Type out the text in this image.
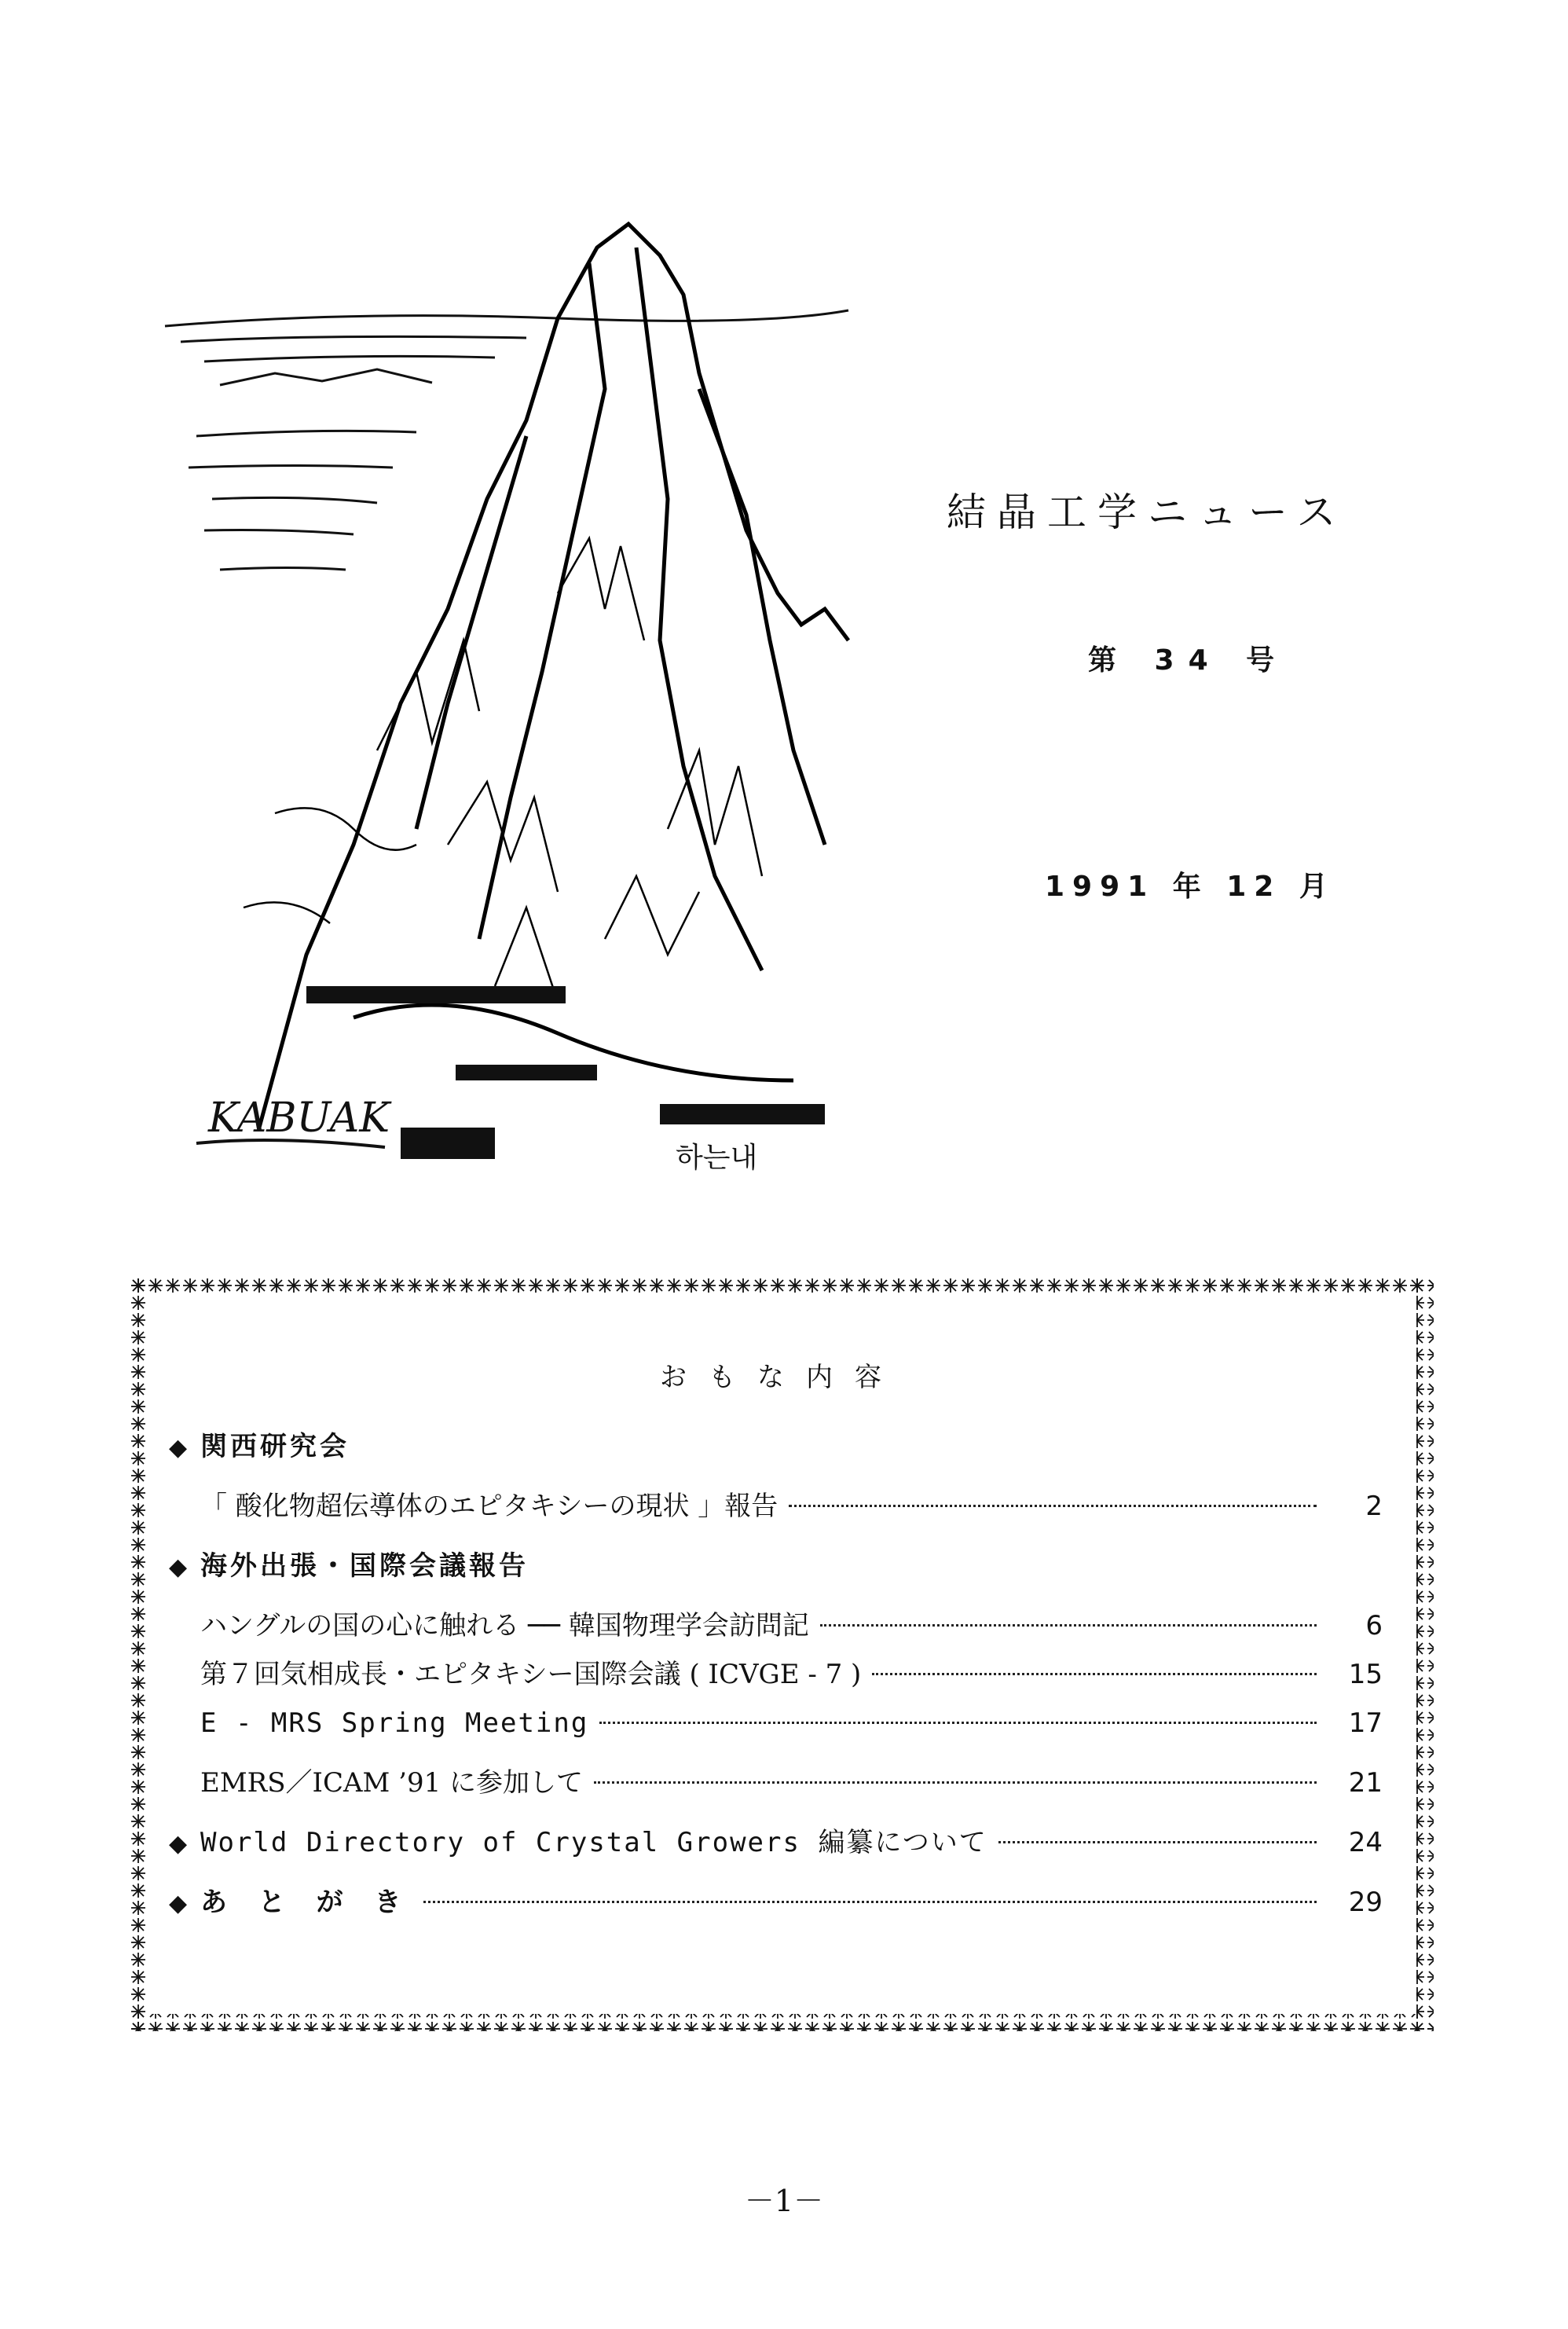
KABUAK
하는내
結晶工学ニュース
第 34 号
1991 年 12 月
おもな内容
◆ 関西研究会
「 酸化物超伝導体のエピタキシーの現状 」報告	2
◆ 海外出張・国際会議報告
ハングルの国の心に触れる ── 韓国物理学会訪問記	6
第７回気相成長・エピタキシー国際会議 ( ICVGE - 7 )	15
E - MRS Spring Meeting	17
EMRS／ICAM ’91 に参加して	21
◆ World Directory of Crystal Growers 編纂について	24
◆ あ と が き	29
－1－
